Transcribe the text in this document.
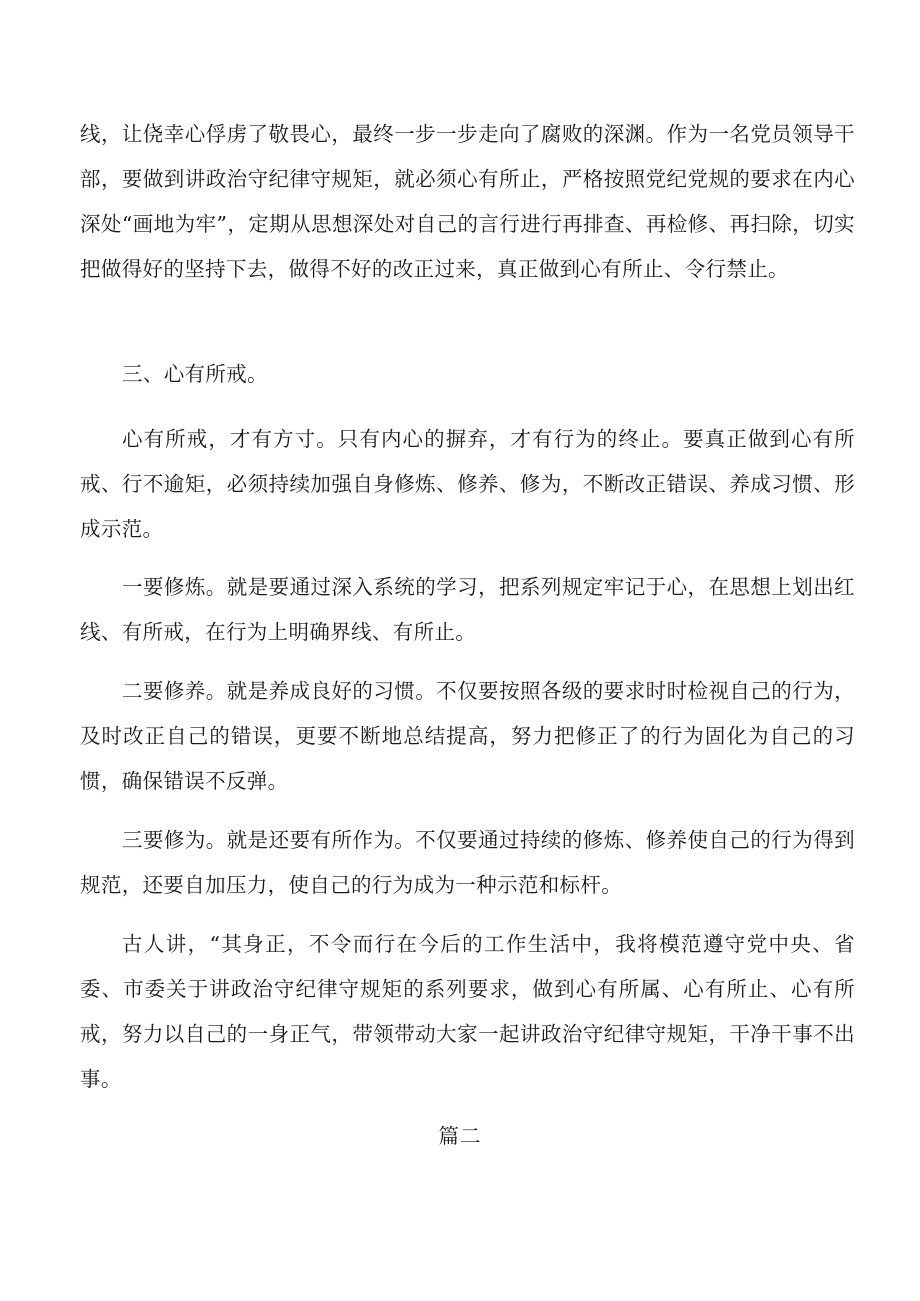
线，让侥幸心俘虏了敬畏心，最终一步一步走向了腐败的深渊。作为一名党员领导干部，要做到讲政治守纪律守规矩，就必须心有所止，严格按照党纪党规的要求在内心深处“画地为牢”，定期从思想深处对自己的言行进行再排查、再检修、再扫除，切实把做得好的坚持下去，做得不好的改正过来，真正做到心有所止、令行禁止。

三、心有所戒。

心有所戒，才有方寸。只有内心的摒弃，才有行为的终止。要真正做到心有所戒、行不逾矩，必须持续加强自身修炼、修养、修为，不断改正错误、养成习惯、形成示范。

一要修炼。就是要通过深入系统的学习，把系列规定牢记于心，在思想上划出红线、有所戒，在行为上明确界线、有所止。

二要修养。就是养成良好的习惯。不仅要按照各级的要求时时检视自己的行为，及时改正自己的错误，更要不断地总结提高，努力把修正了的行为固化为自己的习惯，确保错误不反弹。

三要修为。就是还要有所作为。不仅要通过持续的修炼、修养使自己的行为得到规范，还要自加压力，使自己的行为成为一种示范和标杆。

古人讲，“其身正，不令而行在今后的工作生活中，我将模范遵守党中央、省委、市委关于讲政治守纪律守规矩的系列要求，做到心有所属、心有所止、心有所戒，努力以自己的一身正气，带领带动大家一起讲政治守纪律守规矩，干净干事不出事。

篇二
